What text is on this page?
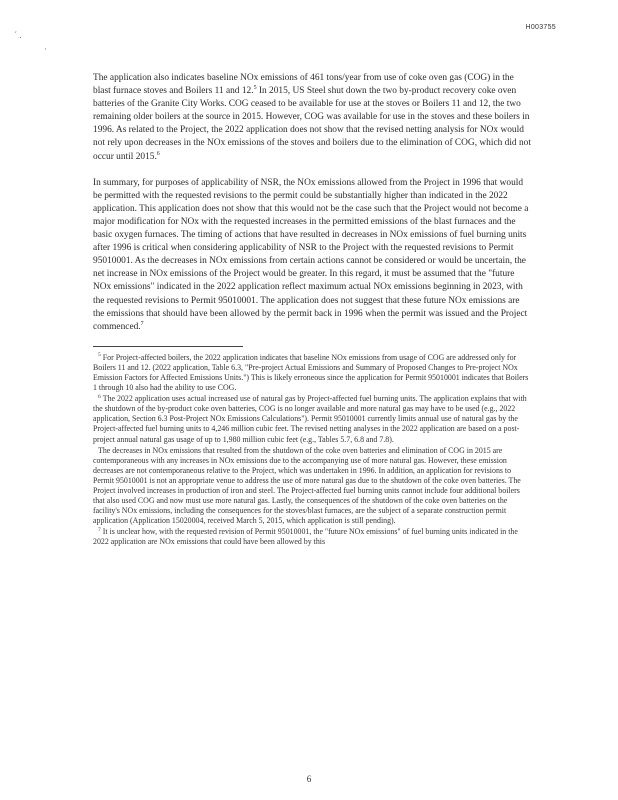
´ .
·
H003755

The application also indicates baseline NOx emissions of 461 tons/year from use of coke oven gas (COG) in the blast furnace stoves and Boilers 11 and 12.$^5$ In 2015, US Steel shut down the two by-product recovery coke oven batteries of the Granite City Works. COG ceased to be available for use at the stoves or Boilers 11 and 12, the two remaining older boilers at the source in 2015. However, COG was available for use in the stoves and these boilers in 1996. As related to the Project, the 2022 application does not show that the revised netting analysis for NOx would not rely upon decreases in the NOx emissions of the stoves and boilers due to the elimination of COG, which did not occur until 2015.$^6$

In summary, for purposes of applicability of NSR, the NOx emissions allowed from the Project in 1996 that would be permitted with the requested revisions to the permit could be substantially higher than indicated in the 2022 application. This application does not show that this would not be the case such that the Project would not become a major modification for NOx with the requested increases in the permitted emissions of the blast furnaces and the basic oxygen furnaces. The timing of actions that have resulted in decreases in NOx emissions of fuel burning units after 1996 is critical when considering applicability of NSR to the Project with the requested revisions to Permit 95010001. As the decreases in NOx emissions from certain actions cannot be considered or would be uncertain, the net increase in NOx emissions of the Project would be greater. In this regard, it must be assumed that the "future NOx emissions" indicated in the 2022 application reflect maximum actual NOx emissions beginning in 2023, with the requested revisions to Permit 95010001. The application does not suggest that these future NOx emissions are the emissions that should have been allowed by the permit back in 1996 when the permit was issued and the Project commenced.$^7$

$^5$ For Project-affected boilers, the 2022 application indicates that baseline NOx emissions from usage of COG are addressed only for Boilers 11 and 12. (2022 application, Table 6.3, "Pre-project Actual Emissions and Summary of Proposed Changes to Pre-project NOx Emission Factors for Affected Emissions Units.") This is likely erroneous since the application for Permit 95010001 indicates that Boilers 1 through 10 also had the ability to use COG.

$^6$ The 2022 application uses actual increased use of natural gas by Project-affected fuel burning units. The application explains that with the shutdown of the by-product coke oven batteries, COG is no longer available and more natural gas may have to be used (e.g., 2022 application, Section 6.3 Post-Project NOx Emissions Calculations"). Permit 95010001 currently limits annual use of natural gas by the Project-affected fuel burning units to 4,246 million cubic feet. The revised netting analyses in the 2022 application are based on a post-project annual natural gas usage of up to 1,980 million cubic feet (e.g., Tables 5.7, 6.8 and 7.8).

The decreases in NOx emissions that resulted from the shutdown of the coke oven batteries and elimination of COG in 2015 are contemporaneous with any increases in NOx emissions due to the accompanying use of more natural gas. However, these emission decreases are not contemporaneous relative to the Project, which was undertaken in 1996. In addition, an application for revisions to Permit 95010001 is not an appropriate venue to address the use of more natural gas due to the shutdown of the coke oven batteries. The Project involved increases in production of iron and steel. The Project-affected fuel burning units cannot include four additional boilers that also used COG and now must use more natural gas. Lastly, the consequences of the shutdown of the coke oven batteries on the facility's NOx emissions, including the consequences for the stoves/blast furnaces, are the subject of a separate construction permit application (Application 15020004, received March 5, 2015, which application is still pending).

$^7$ It is unclear how, with the requested revision of Permit 95010001, the "future NOx emissions" of fuel burning units indicated in the 2022 application are NOx emissions that could have been allowed by this

6
